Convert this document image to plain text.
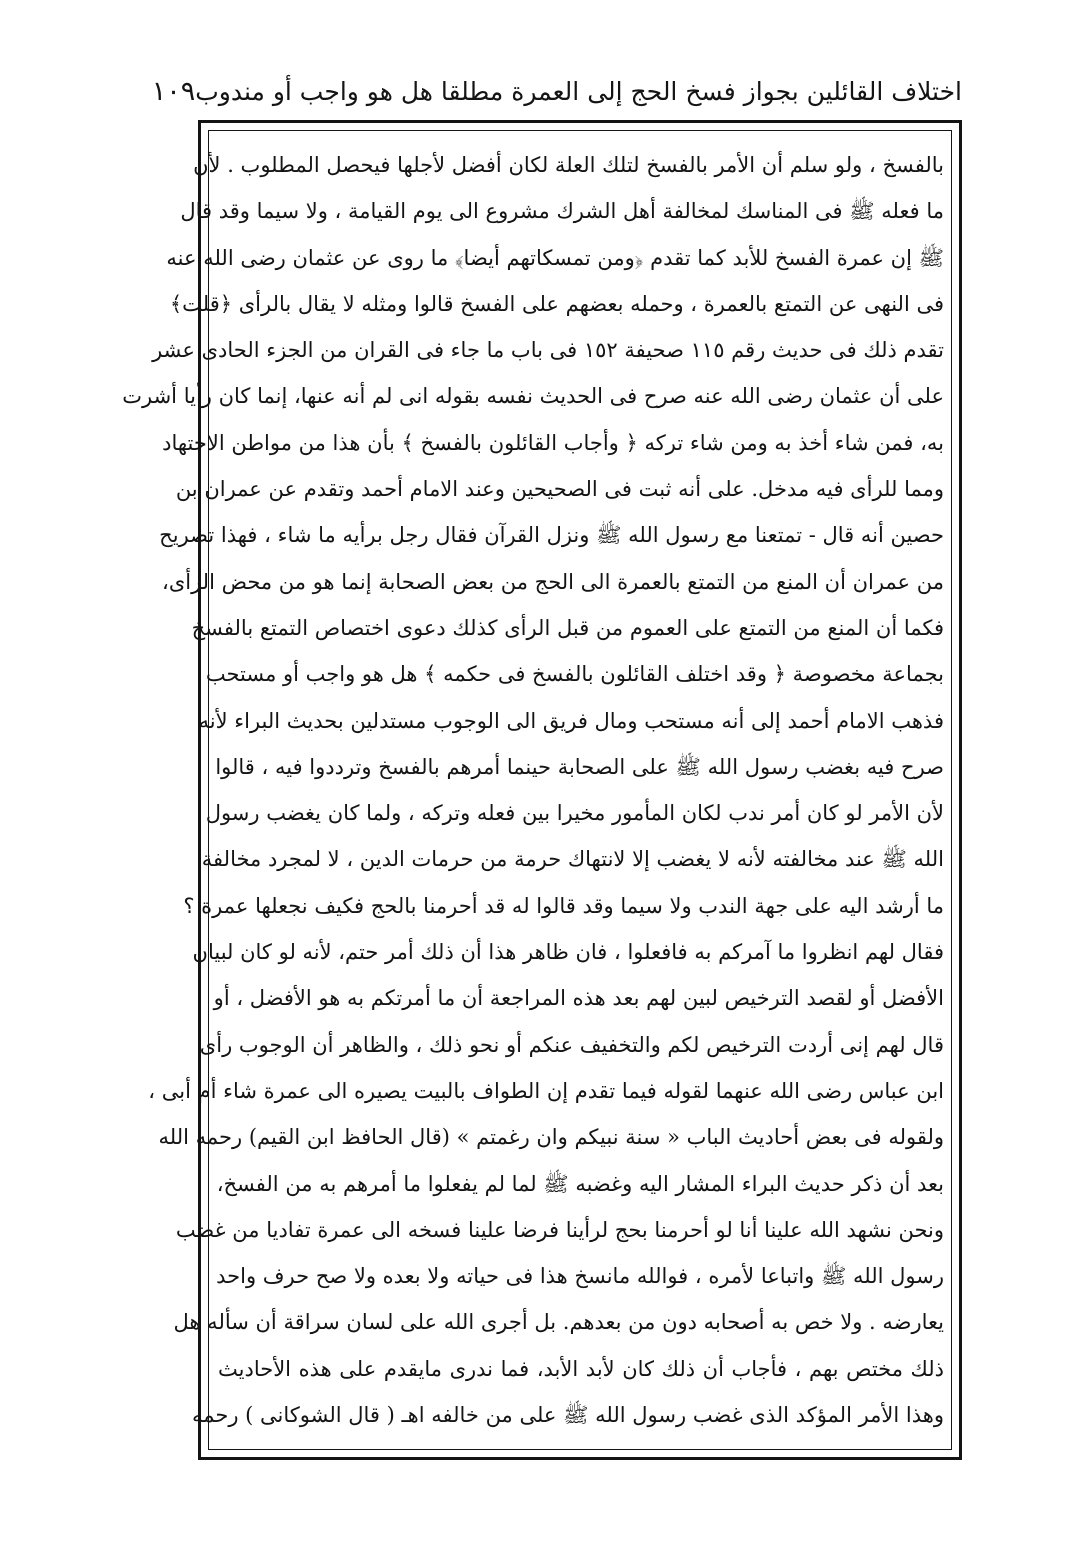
اختلاف القائلين بجواز فسخ الحج إلى العمرة مطلقا هل هو واجب أو مندوب
١٠٩
بالفسخ ، ولو سلم أن الأمر بالفسخ لتلك العلة لكان أفضل لأجلها فيحصل المطلوب . لأن
ما فعله ﷺ فى المناسك لمخالفة أهل الشرك مشروع الى يوم القيامة ، ولا سيما وقد قال
ﷺ إن عمرة الفسخ للأبد كما تقدم ﴿ومن تمسكاتهم أيضا﴾ ما روى عن عثمان رضى الله عنه
فى النهى عن التمتع بالعمرة ، وحمله بعضهم على الفسخ قالوا ومثله لا يقال بالرأى ﴿قلت﴾
تقدم ذلك فى حديث رقم ١١٥ صحيفة ١٥٢ فى باب ما جاء فى القران من الجزء الحادى عشر
على أن عثمان رضى الله عنه صرح فى الحديث نفسه بقوله انى لم أنه عنها، إنما كان رأيا أشرت
به، فمن شاء أخذ به ومن شاء تركه ﴿ وأجاب القائلون بالفسخ ﴾ بأن هذا من مواطن الاجتهاد
ومما للرأى فيه مدخل. على أنه ثبت فى الصحيحين وعند الامام أحمد وتقدم عن عمران بن
حصين أنه قال - تمتعنا مع رسول الله ﷺ ونزل القرآن فقال رجل برأيه ما شاء ، فهذا تصريح
من عمران أن المنع من التمتع بالعمرة الى الحج من بعض الصحابة إنما هو من محض الرأى،
فكما أن المنع من التمتع على العموم من قبل الرأى كذلك دعوى اختصاص التمتع بالفسخ
بجماعة مخصوصة ﴿ وقد اختلف القائلون بالفسخ فى حكمه ﴾ هل هو واجب أو مستحب
فذهب الامام أحمد إلى أنه مستحب ومال فريق الى الوجوب مستدلين بحديث البراء لأنه
صرح فيه بغضب رسول الله ﷺ على الصحابة حينما أمرهم بالفسخ وترددوا فيه ، قالوا
لأن الأمر لو كان أمر ندب لكان المأمور مخيرا بين فعله وتركه ، ولما كان يغضب رسول
الله ﷺ عند مخالفته لأنه لا يغضب إلا لانتهاك حرمة من حرمات الدين ، لا لمجرد مخالفة
ما أرشد اليه على جهة الندب ولا سيما وقد قالوا له قد أحرمنا بالحج فكيف نجعلها عمرة ؟
فقال لهم انظروا ما آمركم به فافعلوا ، فان ظاهر هذا أن ذلك أمر حتم، لأنه لو كان لبيان
الأفضل أو لقصد الترخيص لبين لهم بعد هذه المراجعة أن ما أمرتكم به هو الأفضل ، أو
قال لهم إنى أردت الترخيص لكم والتخفيف عنكم أو نحو ذلك ، والظاهر أن الوجوب رأى
ابن عباس رضى الله عنهما لقوله فيما تقدم إن الطواف بالبيت يصيره الى عمرة شاء أم أبى ،
ولقوله فى بعض أحاديث الباب « سنة نبيكم وان رغمتم » (قال الحافظ ابن القيم) رحمه الله
بعد أن ذكر حديث البراء المشار اليه وغضبه ﷺ لما لم يفعلوا ما أمرهم به من الفسخ،
ونحن نشهد الله علينا أنا لو أحرمنا بحج لرأينا فرضا علينا فسخه الى عمرة تفاديا من غضب
رسول الله ﷺ واتباعا لأمره ، فوالله مانسخ هذا فى حياته ولا بعده ولا صح حرف واحد
يعارضه . ولا خص به أصحابه دون من بعدهم. بل أجرى الله على لسان سراقة أن سأله هل
ذلك مختص بهم ، فأجاب أن ذلك كان لأبد الأبد، فما ندرى مايقدم على هذه الأحاديث
وهذا الأمر المؤكد الذى غضب رسول الله ﷺ على من خالفه اهـ ( قال الشوكانى ) رحمه
